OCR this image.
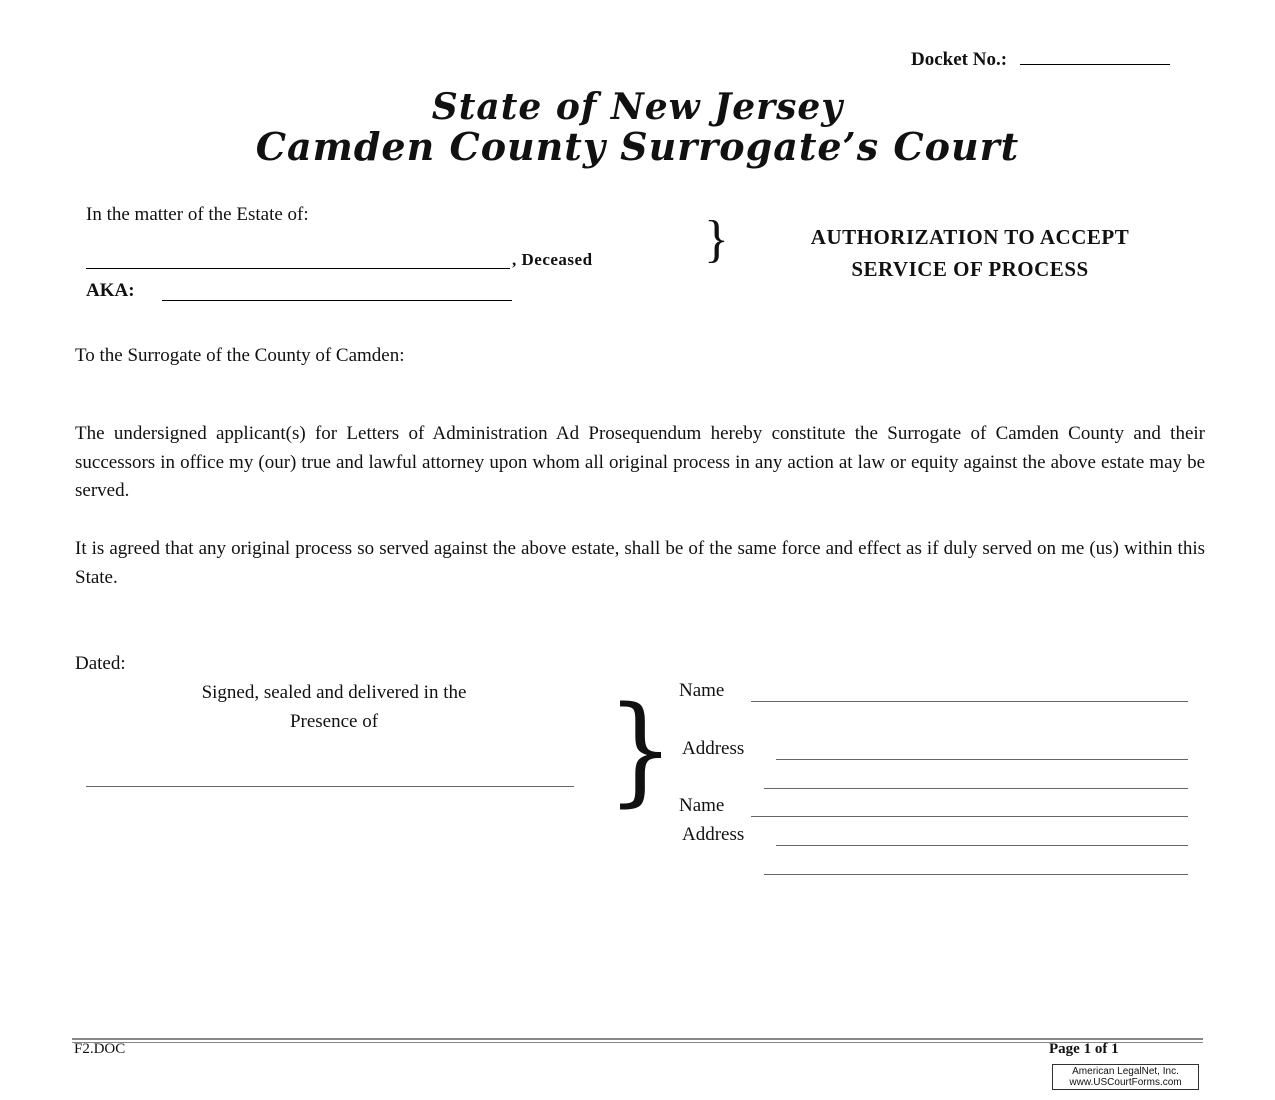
Docket No.:
State of New Jersey
Camden County Surrogate’s Court
In the matter of the Estate of:
, Deceased
AKA:
}	AUTHORIZATION TO ACCEPT
SERVICE OF PROCESS
To the Surrogate of the County of Camden:
The undersigned applicant(s) for Letters of Administration Ad Prosequendum hereby constitute the Surrogate of Camden County and their successors in office my (our) true and lawful attorney upon whom all original process in any action at law or equity against the above estate may be served.
It is agreed that any original process so served against the above estate, shall be of the same force and effect as if duly served on me (us) within this State.
Dated:
Signed, sealed and delivered in the
Presence of	} Name
Address
Name
Address
F2.DOC	Page 1 of 1
American LegalNet, Inc.
www.USCourtForms.com
